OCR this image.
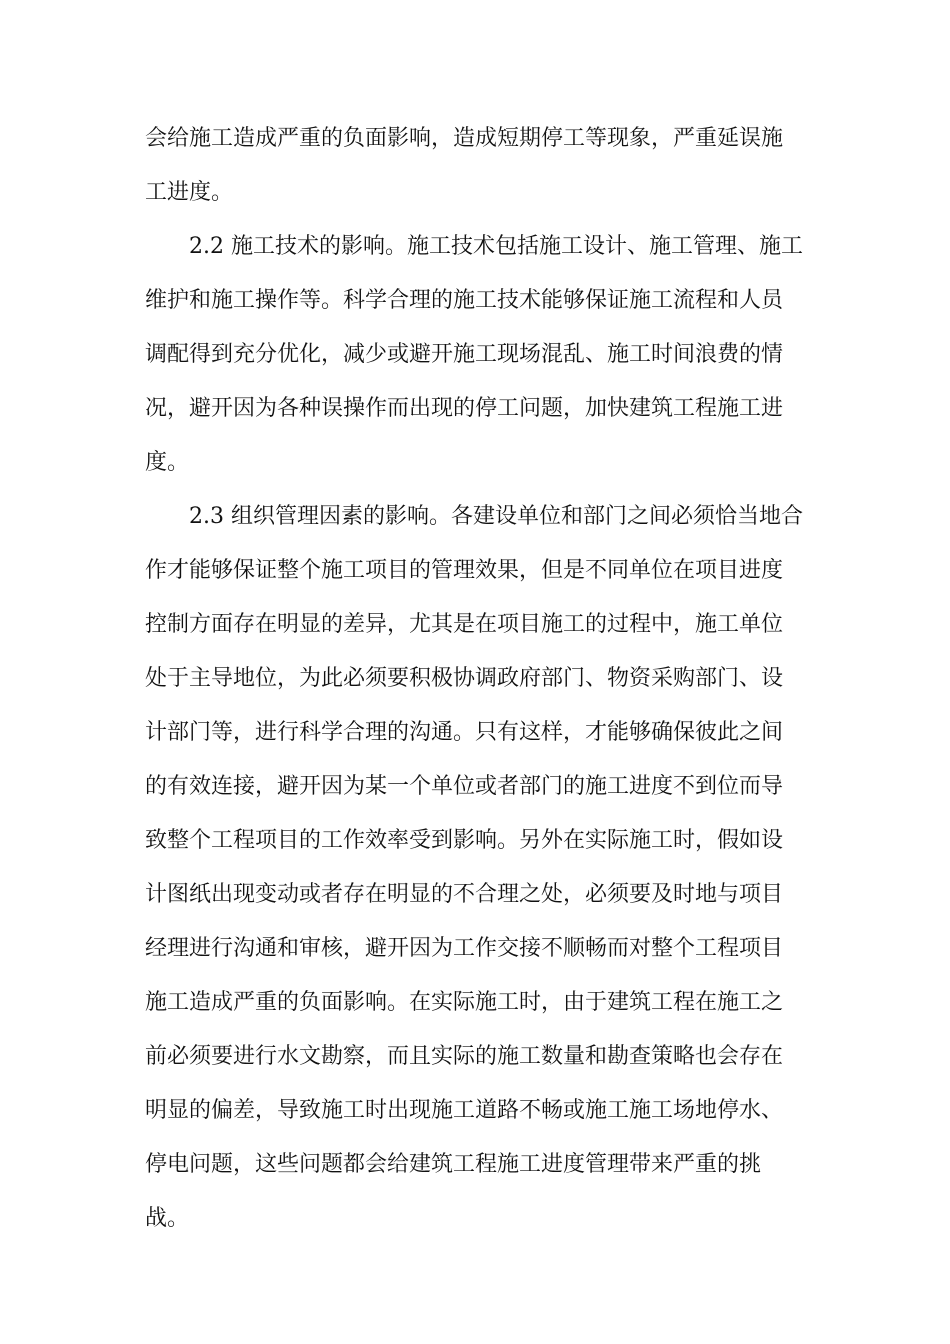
会给施工造成严重的负面影响，造成短期停工等现象，严重延误施
工进度。
2.2 施工技术的影响。施工技术包括施工设计、施工管理、施工
维护和施工操作等。科学合理的施工技术能够保证施工流程和人员
调配得到充分优化，减少或避开施工现场混乱、施工时间浪费的情
况，避开因为各种误操作而出现的停工问题，加快建筑工程施工进
度。
2.3 组织管理因素的影响。各建设单位和部门之间必须恰当地合
作才能够保证整个施工项目的管理效果，但是不同单位在项目进度
控制方面存在明显的差异，尤其是在项目施工的过程中，施工单位
处于主导地位，为此必须要积极协调政府部门、物资采购部门、设
计部门等，进行科学合理的沟通。只有这样，才能够确保彼此之间
的有效连接，避开因为某一个单位或者部门的施工进度不到位而导
致整个工程项目的工作效率受到影响。另外在实际施工时，假如设
计图纸出现变动或者存在明显的不合理之处，必须要及时地与项目
经理进行沟通和审核，避开因为工作交接不顺畅而对整个工程项目
施工造成严重的负面影响。在实际施工时，由于建筑工程在施工之
前必须要进行水文勘察，而且实际的施工数量和勘查策略也会存在
明显的偏差，导致施工时出现施工道路不畅或施工施工场地停水、
停电问题，这些问题都会给建筑工程施工进度管理带来严重的挑
战。
